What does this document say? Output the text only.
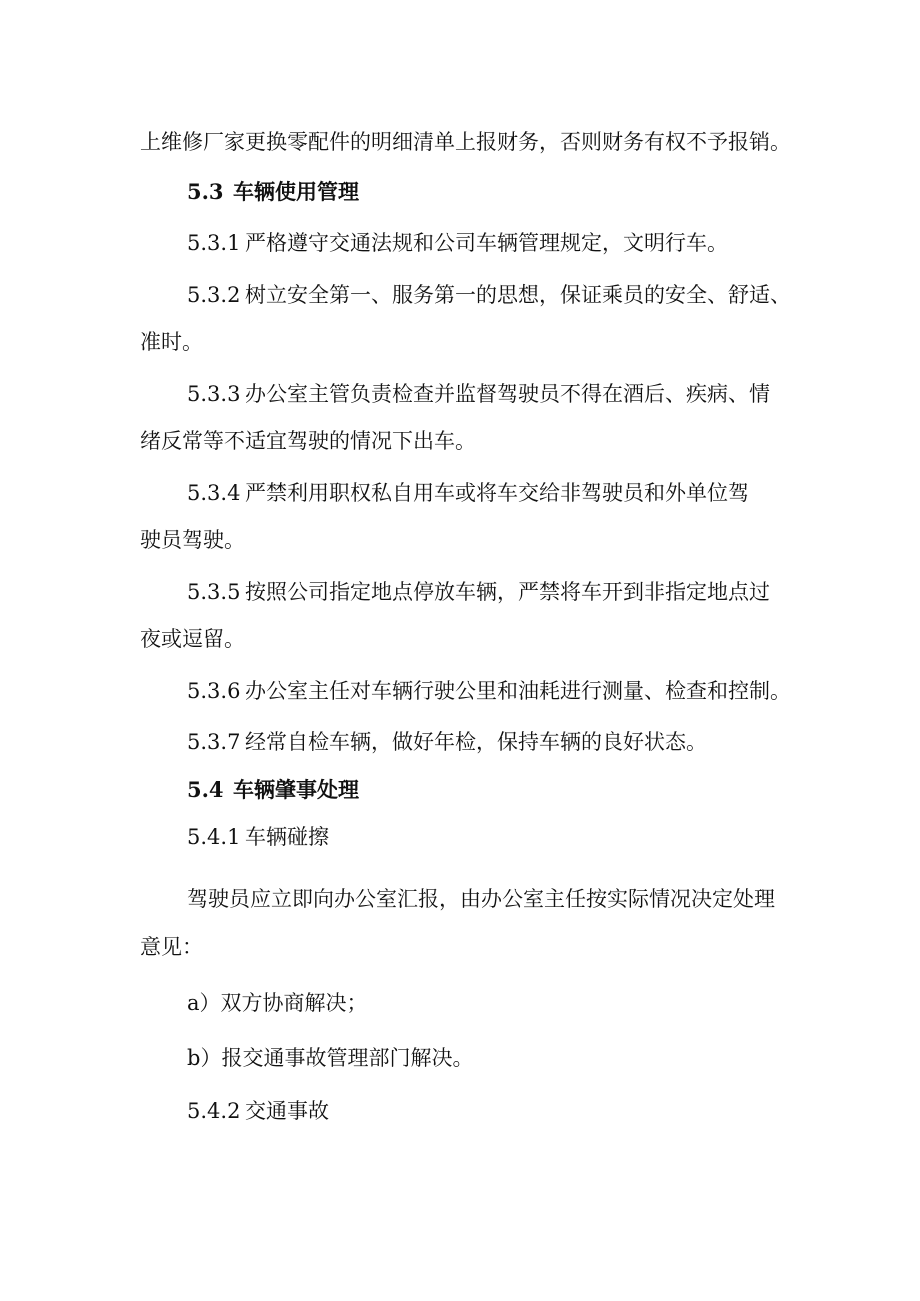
上维修厂家更换零配件的明细清单上报财务，否则财务有权不予报销。
5.3 车辆使用管理
5.3.1 严格遵守交通法规和公司车辆管理规定，文明行车。
5.3.2 树立安全第一、服务第一的思想，保证乘员的安全、舒适、
准时。
5.3.3 办公室主管负责检查并监督驾驶员不得在酒后、疾病、情
绪反常等不适宜驾驶的情况下出车。
5.3.4 严禁利用职权私自用车或将车交给非驾驶员和外单位驾
驶员驾驶。
5.3.5 按照公司指定地点停放车辆，严禁将车开到非指定地点过
夜或逗留。
5.3.6 办公室主任对车辆行驶公里和油耗进行测量、检查和控制。
5.3.7 经常自检车辆，做好年检，保持车辆的良好状态。
5.4 车辆肇事处理
5.4.1 车辆碰擦
驾驶员应立即向办公室汇报，由办公室主任按实际情况决定处理
意见：
a）双方协商解决；
b）报交通事故管理部门解决。
5.4.2 交通事故
